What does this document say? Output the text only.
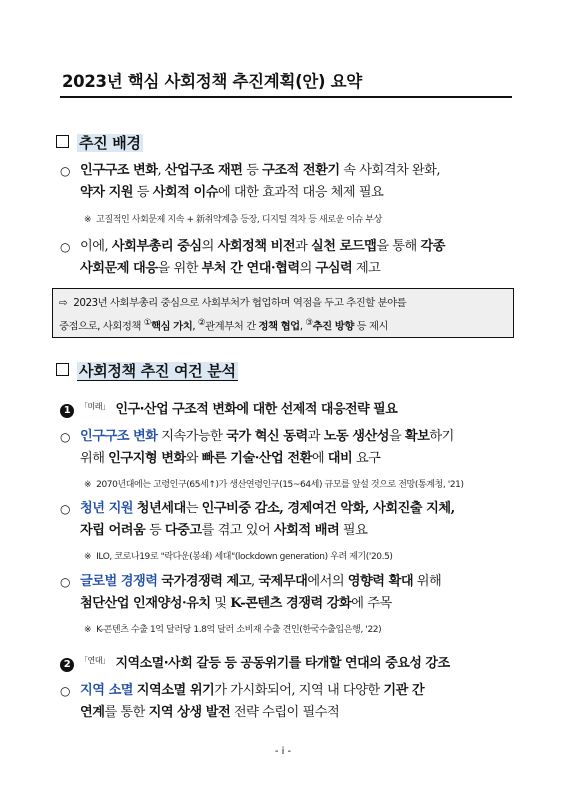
2023년 핵심 사회정책 추진계획(안) 요약
추진 배경
○ 인구구조 변화, 산업구조 재편 등 구조적 전환기 속 사회격차 완화,
약자 지원 등 사회적 이슈에 대한 효과적 대응 체제 필요
※ 고질적인 사회문제 지속 + 新취약계층 등장, 디지털 격차 등 새로운 이슈 부상
○ 이에, 사회부총리 중심의 사회정책 비전과 실천 로드맵을 통해 각종
사회문제 대응을 위한 부처 간 연대·협력의 구심력 제고
⇨ 2023년 사회부총리 중심으로 사회부처가 협업하며 역점을 두고 추진할 분야를
중점으로, 사회정책 ①핵심 가치, ②관계부처 간 정책 협업, ③추진 방향 등 제시
사회정책 추진 여건 분석
1 $^{「미래」}$ 인구·산업 구조적 변화에 대한 선제적 대응전략 필요
○ 인구구조 변화 지속가능한 국가 혁신 동력과 노동 생산성을 확보하기
위해 인구지형 변화와 빠른 기술·산업 전환에 대비 요구
※ 2070년대에는 고령인구(65세↑)가 생산연령인구(15~64세) 규모를 앞설 것으로 전망(통계청, '21)
○ 청년 지원 청년세대는 인구비중 감소, 경제여건 악화, 사회진출 지체,
자립 어려움 등 다중고를 겪고 있어 사회적 배려 필요
※ ILO, 코로나19로 "락다운(봉쇄) 세대"(lockdown generation) 우려 제기('20.5)
○ 글로벌 경쟁력 국가경쟁력 제고, 국제무대에서의 영향력 확대 위해
첨단산업 인재양성·유치 및 K-콘텐츠 경쟁력 강화에 주목
※ K-콘텐츠 수출 1억 달러당 1.8억 달러 소비재 수출 견인(한국수출입은행, '22)
2 $^{「연대」}$ 지역소멸·사회 갈등 등 공동위기를 타개할 연대의 중요성 강조
○ 지역 소멸 지역소멸 위기가 가시화되어, 지역 내 다양한 기관 간
연계를 통한 지역 상생 발전 전략 수립이 필수적
- i -
